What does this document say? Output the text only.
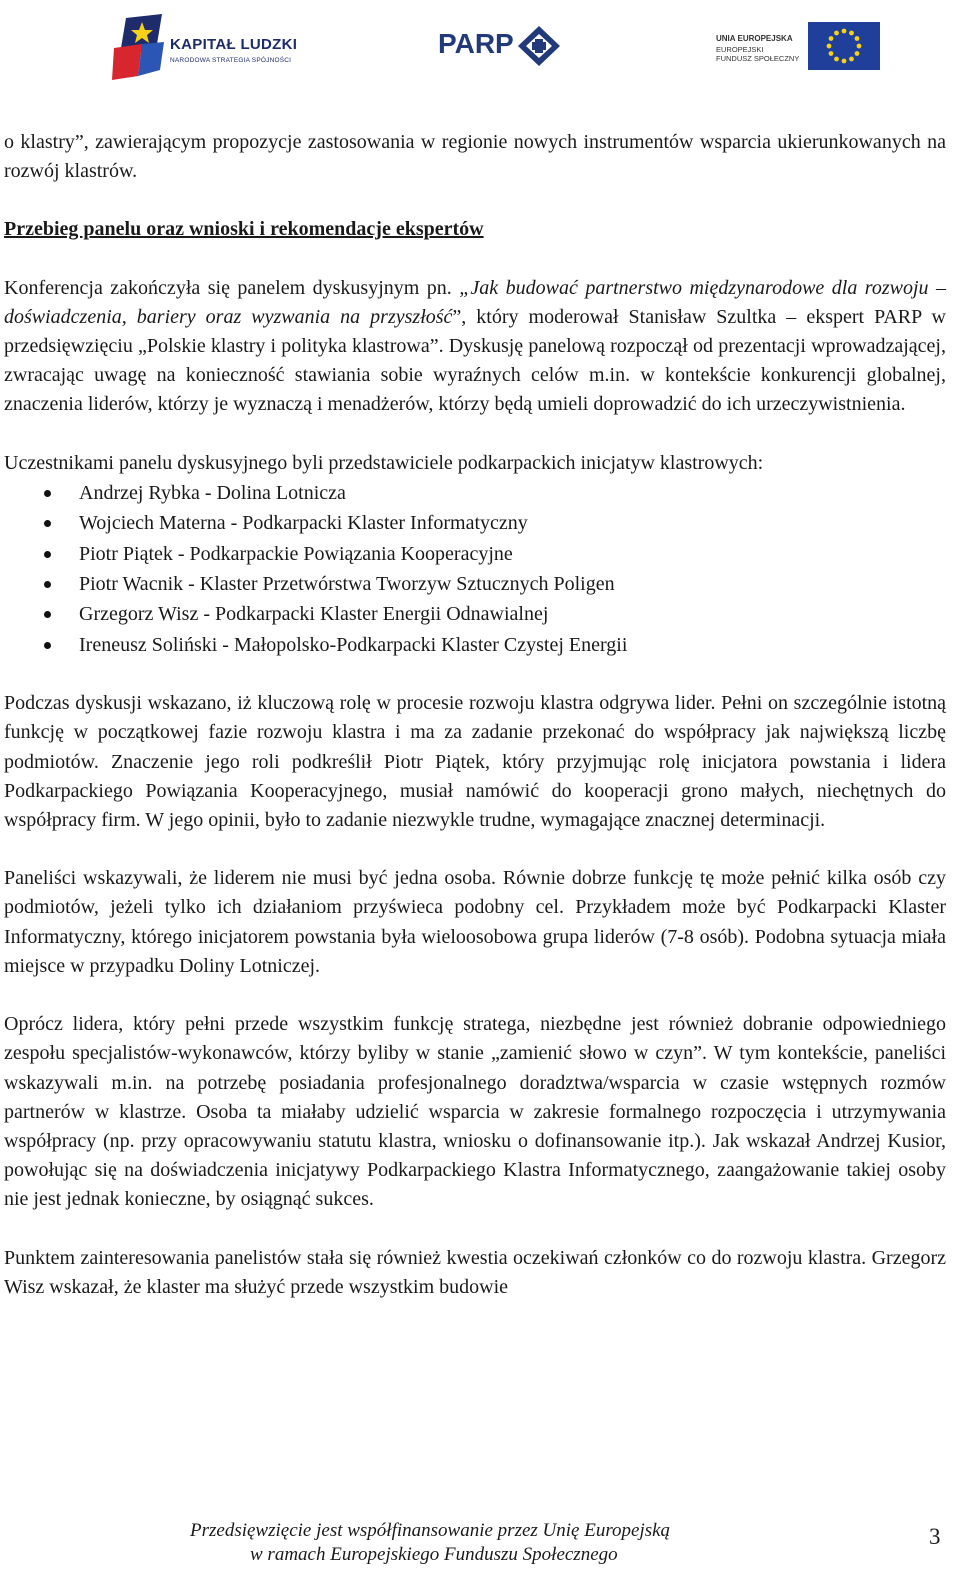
KAPITAŁ LUDZKI
NARODOWA STRATEGIA SPÓJNOŚCI
PARP	UNIA EUROPEJSKA
EUROPEJSKI
FUNDUSZ SPOŁECZNY

o klastry”, zawierającym propozycje zastosowania w regionie nowych instrumentów wsparcia ukierunkowanych na rozwój klastrów.

Przebieg panelu oraz wnioski i rekomendacje ekspertów

Konferencja zakończyła się panelem dyskusyjnym pn. „Jak budować partnerstwo międzynarodowe dla rozwoju – doświadczenia, bariery oraz wyzwania na przyszłość”, który moderował Stanisław Szultka – ekspert PARP w przedsięwzięciu „Polskie klastry i polityka klastrowa”. Dyskusję panelową rozpoczął od prezentacji wprowadzającej, zwracając uwagę na konieczność stawiania sobie wyraźnych celów m.in. w kontekście konkurencji globalnej, znaczenia liderów, którzy je wyznaczą i menadżerów, którzy będą umieli doprowadzić do ich urzeczywistnienia.

Uczestnikami panelu dyskusyjnego byli przedstawiciele podkarpackich inicjatyw klastrowych:

Andrzej Rybka - Dolina Lotnicza
Wojciech Materna - Podkarpacki Klaster Informatyczny
Piotr Piątek - Podkarpackie Powiązania Kooperacyjne
Piotr Wacnik - Klaster Przetwórstwa Tworzyw Sztucznych Poligen
Grzegorz Wisz - Podkarpacki Klaster Energii Odnawialnej
Ireneusz Soliński - Małopolsko-Podkarpacki Klaster Czystej Energii

Podczas dyskusji wskazano, iż kluczową rolę w procesie rozwoju klastra odgrywa lider. Pełni on szczególnie istotną funkcję w początkowej fazie rozwoju klastra i ma za zadanie przekonać do współpracy jak największą liczbę podmiotów. Znaczenie jego roli podkreślił Piotr Piątek, który przyjmując rolę inicjatora powstania i lidera Podkarpackiego Powiązania Kooperacyjnego, musiał namówić do kooperacji grono małych, niechętnych do współpracy firm. W jego opinii, było to zadanie niezwykle trudne, wymagające znacznej determinacji.

Paneliści wskazywali, że liderem nie musi być jedna osoba. Równie dobrze funkcję tę może pełnić kilka osób czy podmiotów, jeżeli tylko ich działaniom przyświeca podobny cel. Przykładem może być Podkarpacki Klaster Informatyczny, którego inicjatorem powstania była wieloosobowa grupa liderów (7-8 osób). Podobna sytuacja miała miejsce w przypadku Doliny Lotniczej.

Oprócz lidera, który pełni przede wszystkim funkcję stratega, niezbędne jest również dobranie odpowiedniego zespołu specjalistów-wykonawców, którzy byliby w stanie „zamienić słowo w czyn”. W tym kontekście, paneliści wskazywali m.in. na potrzebę posiadania profesjonalnego doradztwa/wsparcia w czasie wstępnych rozmów partnerów w klastrze. Osoba ta miałaby udzielić wsparcia w zakresie formalnego rozpoczęcia i utrzymywania współpracy (np. przy opracowywaniu statutu klastra, wniosku o dofinansowanie itp.). Jak wskazał Andrzej Kusior, powołując się na doświadczenia inicjatywy Podkarpackiego Klastra Informatycznego, zaangażowanie takiej osoby nie jest jednak konieczne, by osiągnąć sukces.

Punktem zainteresowania panelistów stała się również kwestia oczekiwań członków co do rozwoju klastra. Grzegorz Wisz wskazał, że klaster ma służyć przede wszystkim budowie

Przedsięwzięcie jest współfinansowanie przez Unię Europejską
w ramach Europejskiego Funduszu Społecznego
3
